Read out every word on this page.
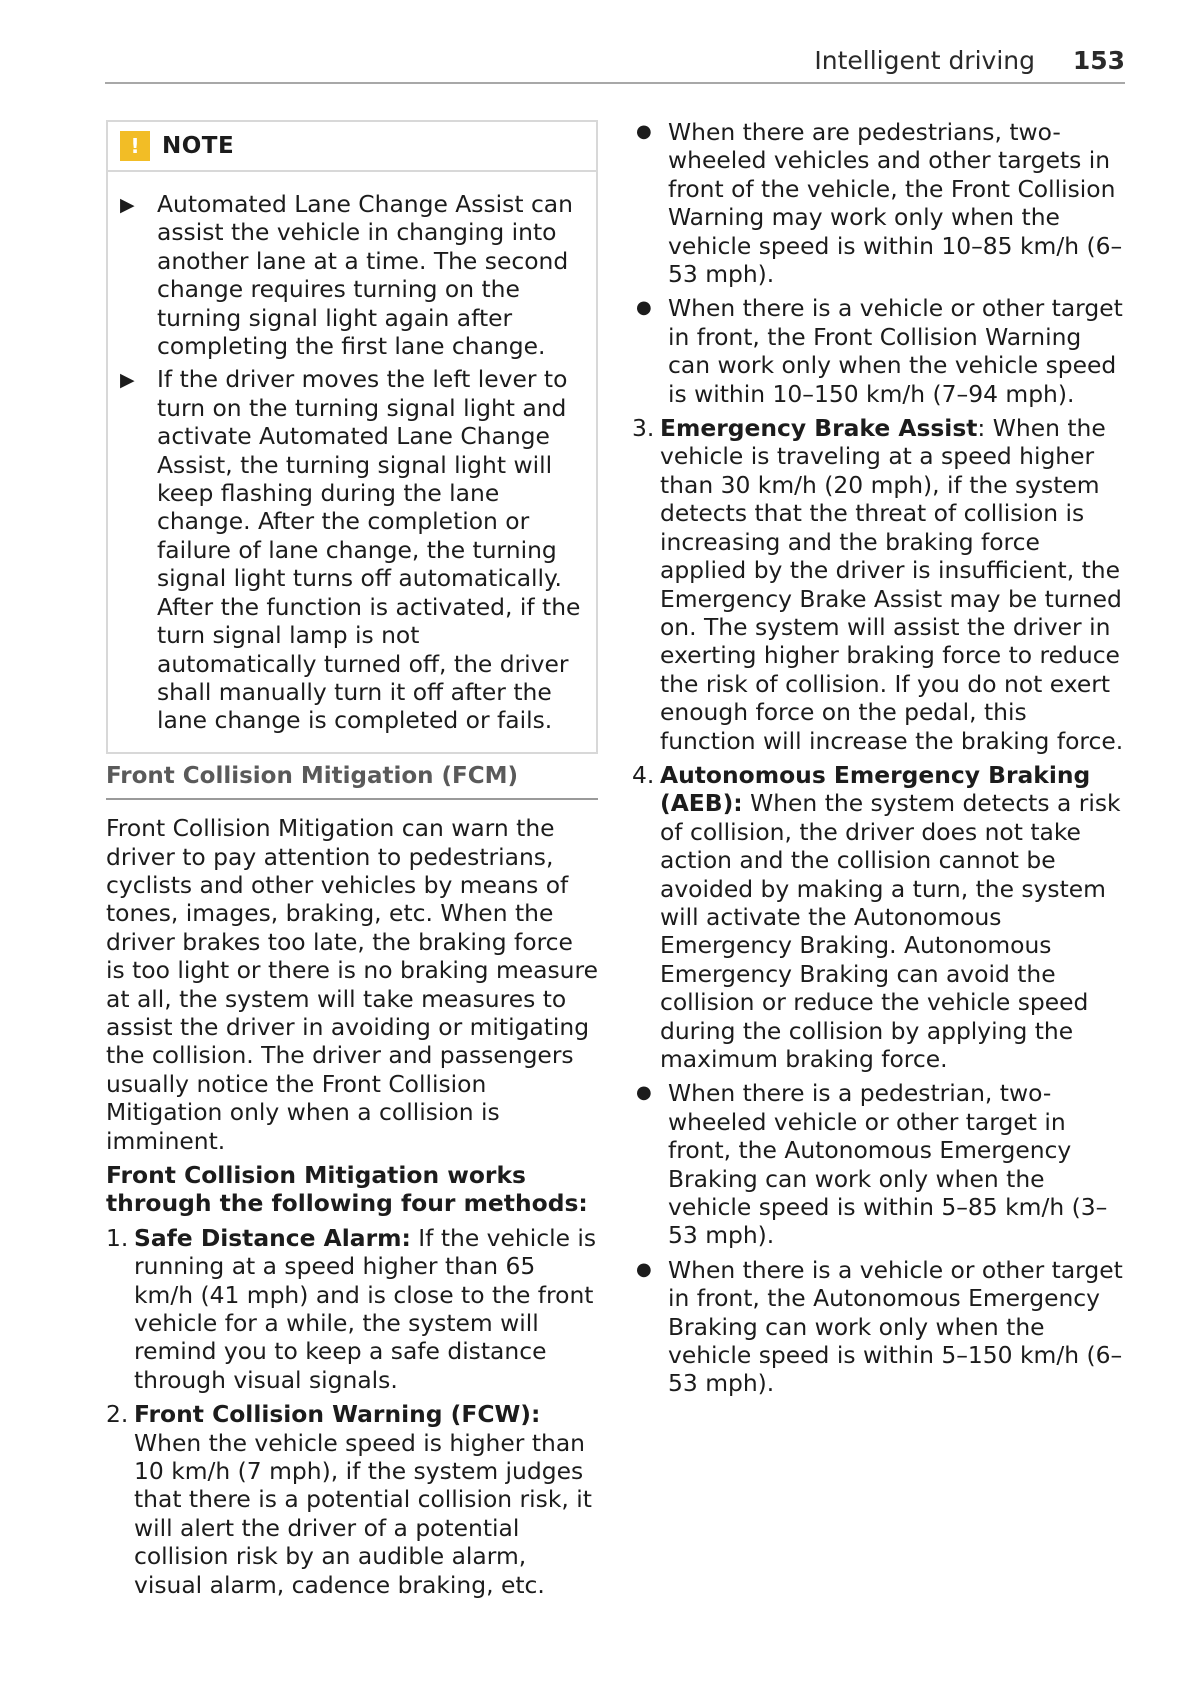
Intelligent driving 153
! NOTE
▶ Automated Lane Change Assist can assist the vehicle in changing into another lane at a time. The second change requires turning on the turning signal light again after completing the first lane change.
▶ If the driver moves the left lever to turn on the turning signal light and activate Automated Lane Change Assist, the turning signal light will keep flashing during the lane change. After the completion or failure of lane change, the turning signal light turns off automatically. After the function is activated, if the turn signal lamp is not automatically turned off, the driver shall manually turn it off after the lane change is completed or fails.
Front Collision Mitigation (FCM)
Front Collision Mitigation can warn the driver to pay attention to pedestrians, cyclists and other vehicles by means of tones, images, braking, etc. When the driver brakes too late, the braking force is too light or there is no braking measure at all, the system will take measures to assist the driver in avoiding or mitigating the collision. The driver and passengers usually notice the Front Collision Mitigation only when a collision is imminent.
Front Collision Mitigation works through the following four methods:
1. Safe Distance Alarm: If the vehicle is running at a speed higher than 65 km/h (41 mph) and is close to the front vehicle for a while, the system will remind you to keep a safe distance through visual signals.
2. Front Collision Warning (FCW): When the vehicle speed is higher than 10 km/h (7 mph), if the system judges that there is a potential collision risk, it will alert the driver of a potential collision risk by an audible alarm, visual alarm, cadence braking, etc.
● When there are pedestrians, two-wheeled vehicles and other targets in front of the vehicle, the Front Collision Warning may work only when the vehicle speed is within 10–85 km/h (6–53 mph).
● When there is a vehicle or other target in front, the Front Collision Warning can work only when the vehicle speed is within 10–150 km/h (7–94 mph).
3. Emergency Brake Assist: When the vehicle is traveling at a speed higher than 30 km/h (20 mph), if the system detects that the threat of collision is increasing and the braking force applied by the driver is insufficient, the Emergency Brake Assist may be turned on. The system will assist the driver in exerting higher braking force to reduce the risk of collision. If you do not exert enough force on the pedal, this function will increase the braking force.
4. Autonomous Emergency Braking (AEB): When the system detects a risk of collision, the driver does not take action and the collision cannot be avoided by making a turn, the system will activate the Autonomous Emergency Braking. Autonomous Emergency Braking can avoid the collision or reduce the vehicle speed during the collision by applying the maximum braking force.
● When there is a pedestrian, two-wheeled vehicle or other target in front, the Autonomous Emergency Braking can work only when the vehicle speed is within 5–85 km/h (3–53 mph).
● When there is a vehicle or other target in front, the Autonomous Emergency Braking can work only when the vehicle speed is within 5–150 km/h (6–53 mph).
